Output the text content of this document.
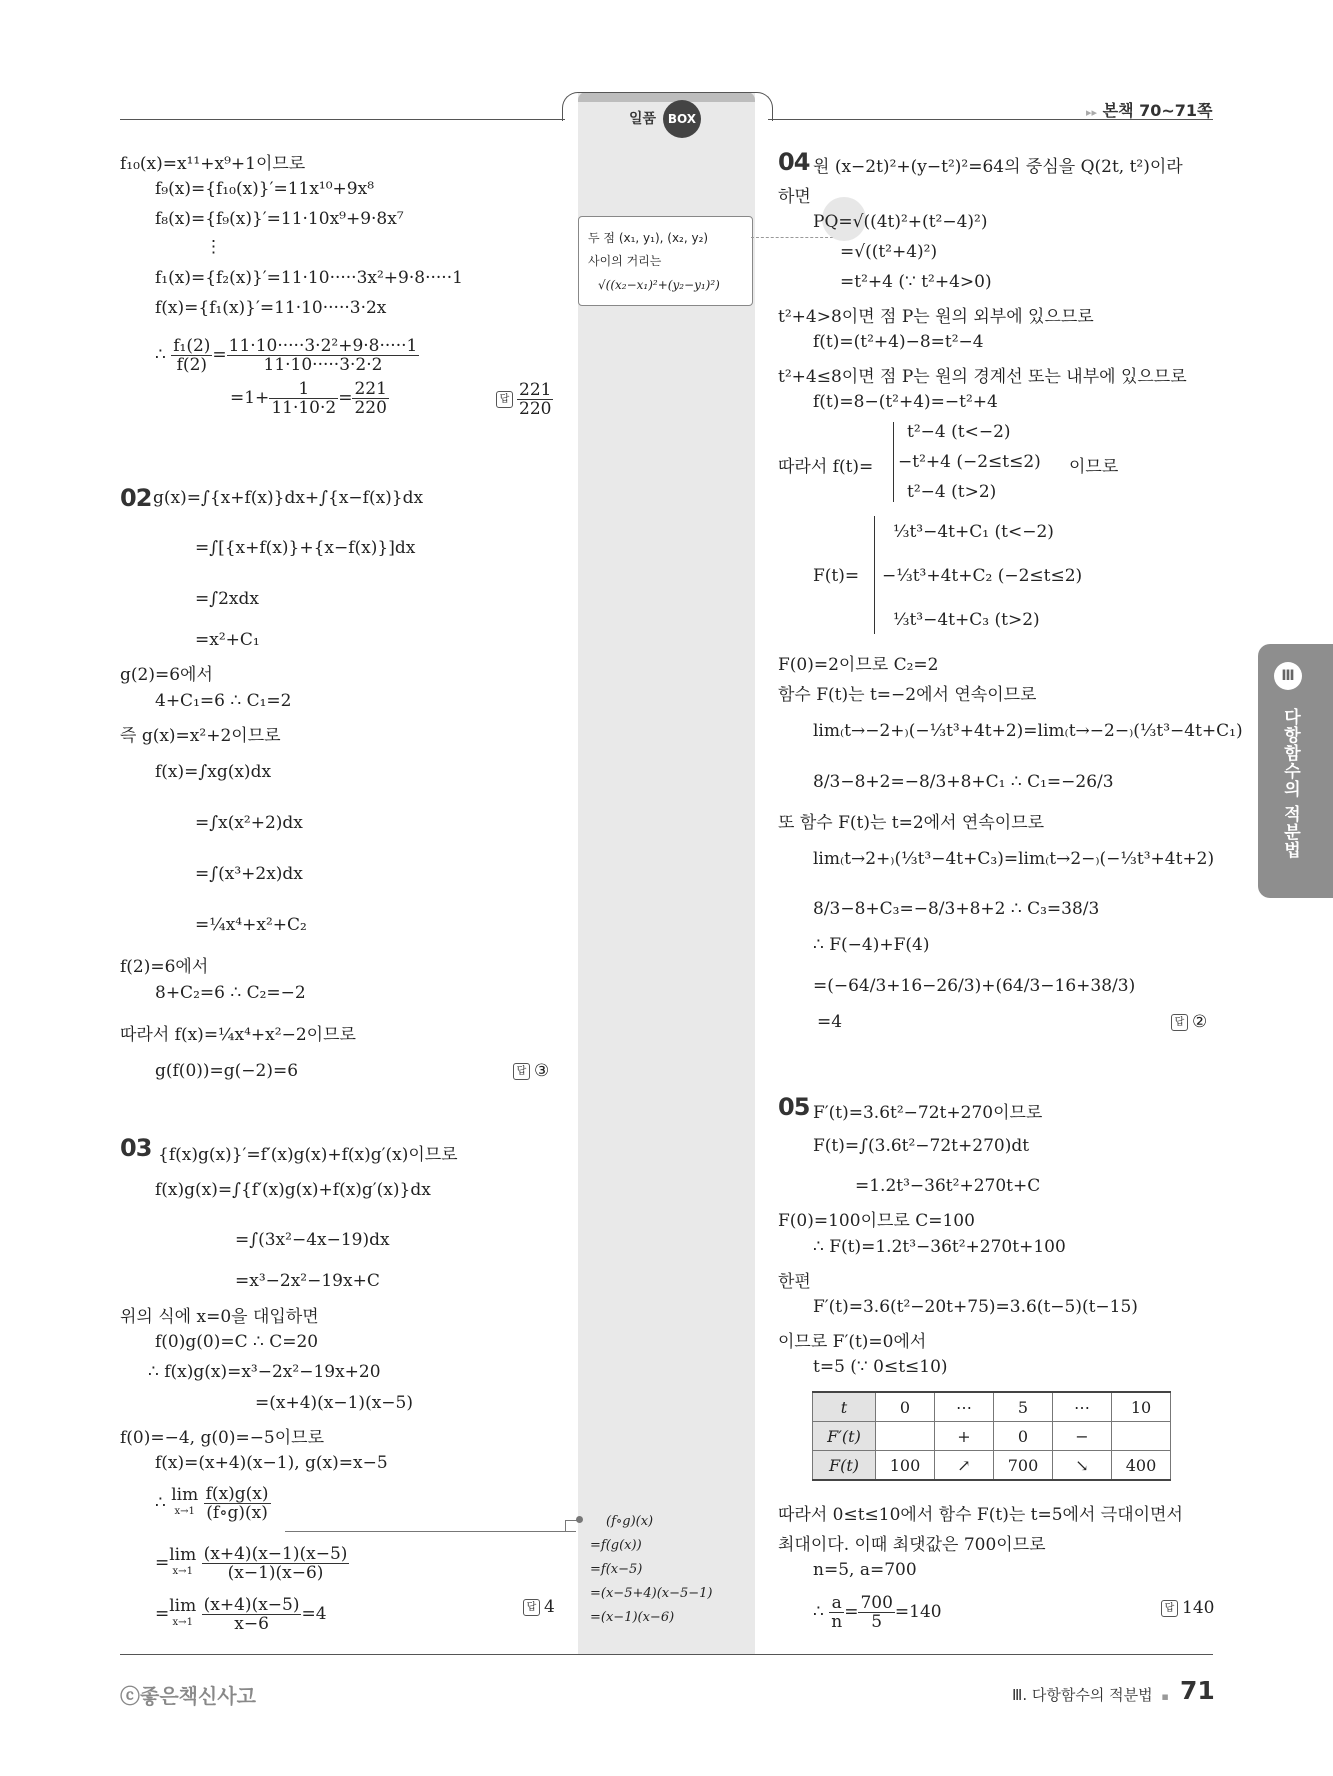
일품 BOX	▸▸ 본책 70~71쪽
Ⅲ
다항함수의 적분법
두 점 (x₁, y₁), (x₂, y₂)
사이의 거리는
√((x₂−x₁)²+(y₂−y₁)²)
(f∘g)(x)
=f(g(x))
=f(x−5)
=(x−5+4)(x−5−1)
=(x−1)(x−6)
f₁₀(x)=x¹¹+x⁹+1이므로
f₉(x)={f₁₀(x)}′=11x¹⁰+9x⁸
f₈(x)={f₉(x)}′=11·10x⁹+9·8x⁷
⋮
f₁(x)={f₂(x)}′=11·10·····3x²+9·8·····1
f(x)={f₁(x)}′=11·10·····3·2x
∴ $\frac{\text{f₁(2)}}{f(2)} = \frac{\text{11·10·····3·2²+9·8·····1}}{11\cdot 10\cdot\cdot\cdot\cdot\cdot 3\cdot 2\cdot 2}$
$=1+ \frac{1}{11\cdot 10\cdot 2} = \frac{221}{220}$	답 $\frac{221}{220}$
02 g(x)=∫{x+f(x)}dx+∫{x−f(x)}dx
=∫[{x+f(x)}+{x−f(x)}]dx
=∫2xdx
=x²+C₁
g(2)=6에서
4+C₁=6 ∴ C₁=2
즉 g(x)=x²+2이므로
f(x)=∫xg(x)dx
=∫x(x²+2)dx
=∫(x³+2x)dx
=¼x⁴+x²+C₂
f(2)=6에서
8+C₂=6 ∴ C₂=−2
따라서 f(x)=¼x⁴+x²−2이므로
g(f(0))=g(−2)=6	답 ③
03 {f(x)g(x)}′=f′(x)g(x)+f(x)g′(x)이므로
f(x)g(x)=∫{f′(x)g(x)+f(x)g′(x)}dx
=∫(3x²−4x−19)dx
=x³−2x²−19x+C
위의 식에 x=0을 대입하면
f(0)g(0)=C ∴ C=20
∴ f(x)g(x)=x³−2x²−19x+20
=(x+4)(x−1)(x−5)
f(0)=−4, g(0)=−5이므로
f(x)=(x+4)(x−1), g(x)=x−5
∴ lim
$x\to 1 \frac{f(x)g(x)}{(f\circ g)(x)}$
=lim
$x\to 1 \frac{(x+4)(x-1)(x-5)}{(x-1)(x-6)}$
=lim
$x\to 1 \frac{(x+4)(x-5)}{x-6} =4$	답 4
04 원 (x−2t)²+(y−t²)²=64의 중심을 Q(2t, t²)이라
하면
PQ=√((4t)²+(t²−4)²)
=√((t²+4)²)
=t²+4 (∵ t²+4>0)
t²+4>8이면 점 P는 원의 외부에 있으므로
f(t)=(t²+4)−8=t²−4
t²+4≤8이면 점 P는 원의 경계선 또는 내부에 있으므로
f(t)=8−(t²+4)=−t²+4
따라서 f(t)=
t²−4 (t<−2)
−t²+4 (−2≤t≤2)
t²−4 (t>2)
이므로
F(t)=
⅓t³−4t+C₁ (t<−2)
−⅓t³+4t+C₂ (−2≤t≤2)
⅓t³−4t+C₃ (t>2)
F(0)=2이므로 C₂=2
함수 F(t)는 t=−2에서 연속이므로
lim₍t→−2+₎(−⅓t³+4t+2)=lim₍t→−2−₎(⅓t³−4t+C₁)
8/3−8+2=−8/3+8+C₁ ∴ C₁=−26/3
또 함수 F(t)는 t=2에서 연속이므로
lim₍t→2+₎(⅓t³−4t+C₃)=lim₍t→2−₎(−⅓t³+4t+2)
8/3−8+C₃=−8/3+8+2 ∴ C₃=38/3
∴ F(−4)+F(4)
=(−64/3+16−26/3)+(64/3−16+38/3)
=4	답 ②
05 F′(t)=3.6t²−72t+270이므로
F(t)=∫(3.6t²−72t+270)dt
=1.2t³−36t²+270t+C
F(0)=100이므로 C=100
∴ F(t)=1.2t³−36t²+270t+100
한편
F′(t)=3.6(t²−20t+75)=3.6(t−5)(t−15)
이므로 F′(t)=0에서
t=5 (∵ 0≤t≤10)
t	0	⋯	5	⋯	10
F′(t)		+	0	−	
F(t)	100	↗	700	↘	400
따라서 0≤t≤10에서 함수 F(t)는 t=5에서 극대이면서
최대이다. 이때 최댓값은 700이므로
n=5, a=700
∴ $\frac{a}{n} = \frac{700}{5} =140$	답 140
ⓒ좋은책신사고	Ⅲ. 다항함수의 적분법 ▪ 71
